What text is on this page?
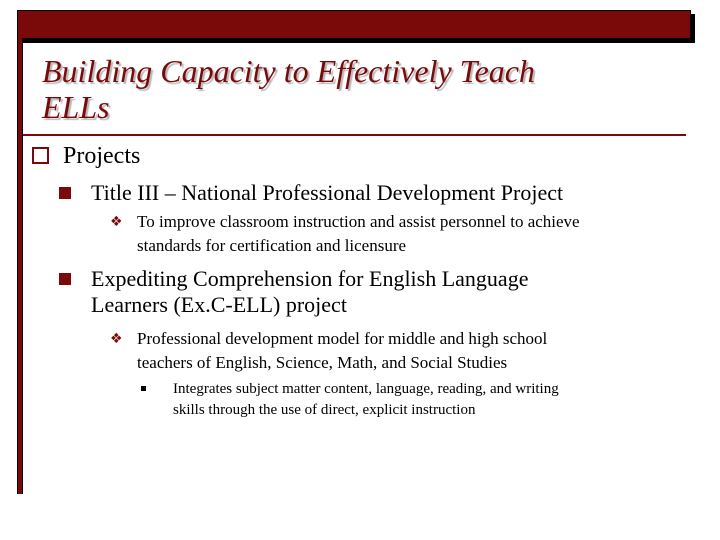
Building Capacity to Effectively Teach
ELLs
Projects
Title III – National Professional Development Project
❖ To improve classroom instruction and assist personnel to achieve
standards for certification and licensure
Expediting Comprehension for English Language
Learners (Ex.C-ELL) project
❖ Professional development model for middle and high school
teachers of English, Science, Math, and Social Studies
Integrates subject matter content, language, reading, and writing
skills through the use of direct, explicit instruction
